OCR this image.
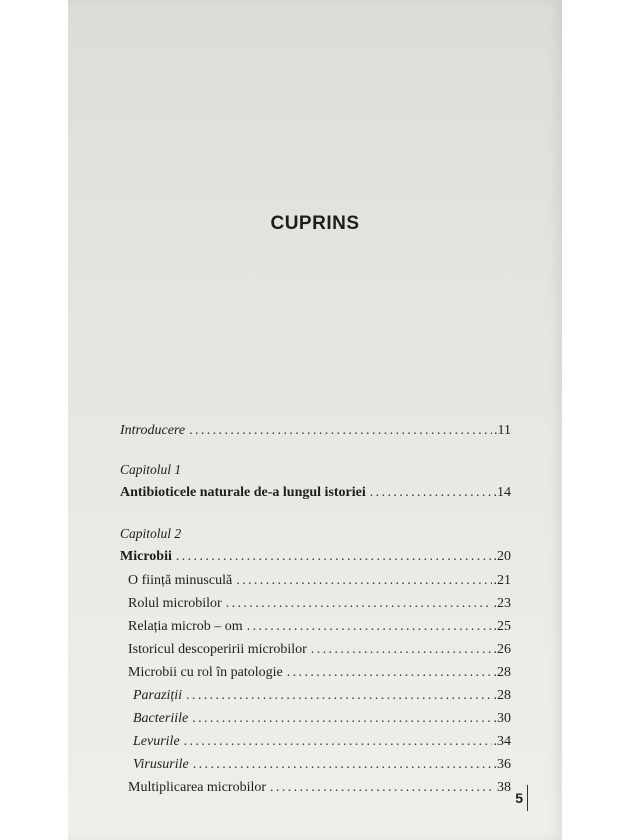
CUPRINS
Introducere .....	.11
Capitolul 1
Antibioticele naturale de-a lungul istoriei .....	.14
Capitolul 2
Microbii .....	.20
O ființă minusculă .....	.21
Rolul microbilor .....	.23
Relația microb – om .....	.25
Istoricul descoperirii microbilor .....	.26
Microbii cu rol în patologie .....	.28
Paraziții .....	.28
Bacteriile .....	.30
Levurile .....	.34
Virusurile .....	.36
Multiplicarea microbilor .....	38
5
